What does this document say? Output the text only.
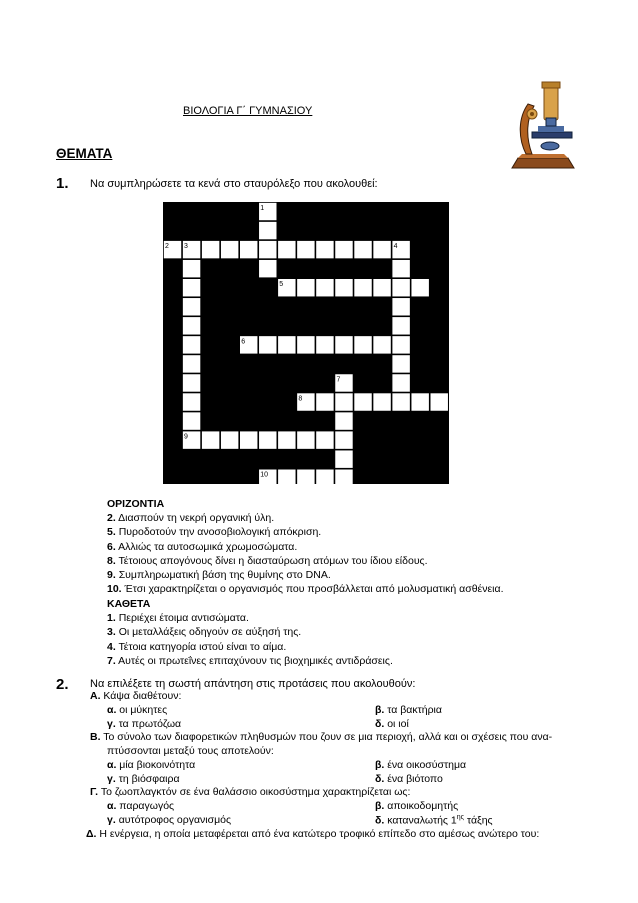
ΒΙΟΛΟΓΙΑ Γ΄ ΓΥΜΝΑΣΙΟΥ
ΘΕΜΑΤΑ
1. Να συμπληρώσετε τα κενά στο σταυρόλεξο που ακολουθεί:
1
2 3	4
5
6
7
8
9
10
ΟΡΙΖΟΝΤΙΑ
2. Διασπούν τη νεκρή οργανική ύλη.
5. Πυροδοτούν την ανοσοβιολογική απόκριση.
6. Αλλιώς τα αυτοσωμικά χρωμοσώματα.
8. Τέτοιους απογόνους δίνει η διασταύρωση ατόμων του ίδιου είδους.
9. Συμπληρωματική βάση της θυμίνης στο DNA.
10. Έτσι χαρακτηρίζεται ο οργανισμός που προσβάλλεται από μολυσματική ασθένεια.
ΚΑΘΕΤΑ
1. Περιέχει έτοιμα αντισώματα.
3. Οι μεταλλάξεις οδηγούν σε αύξησή της.
4. Τέτοια κατηγορία ιστού είναι το αίμα.
7. Αυτές οι πρωτεΐνες επιταχύνουν τις βιοχημικές αντιδράσεις.
2. Να επιλέξετε τη σωστή απάντηση στις προτάσεις που ακολουθούν:
Α. Κάψα διαθέτουν:
α. οι μύκητες	β. τα βακτήρια
γ. τα πρωτόζωα	δ. οι ιοί
Β. Το σύνολο των διαφορετικών πληθυσμών που ζουν σε μια περιοχή, αλλά και οι σχέσεις που ανα-
πτύσσονται μεταξύ τους αποτελούν:
α. μία βιοκοινότητα	β. ένα οικοσύστημα
γ. τη βιόσφαιρα	δ. ένα βιότοπο
Γ. Το ζωοπλαγκτόν σε ένα θαλάσσιο οικοσύστημα χαρακτηρίζεται ως:
α. παραγωγός	β. αποικοδομητής
γ. αυτότροφος οργανισμός	δ. καταναλωτής $1^{\eta\varsigma}$ τάξης
Δ. Η ενέργεια, η οποία μεταφέρεται από ένα κατώτερο τροφικό επίπεδο στο αμέσως ανώτερο του:
